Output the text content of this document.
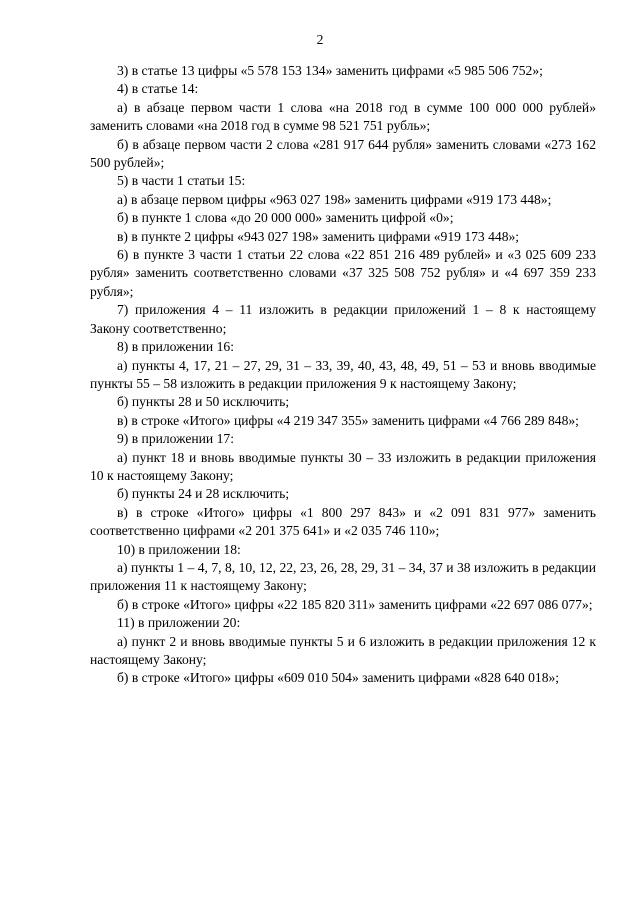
2

3) в статье 13 цифры «5 578 153 134» заменить цифрами «5 985 506 752»;

4) в статье 14:

а) в абзаце первом части 1 слова «на 2018 год в сумме 100 000 000 рублей» заменить словами «на 2018 год в сумме 98 521 751 рубль»;

б) в абзаце первом части 2 слова «281 917 644 рубля» заменить словами «273 162 500 рублей»;

5) в части 1 статьи 15:

а) в абзаце первом цифры «963 027 198» заменить цифрами «919 173 448»;

б) в пункте 1 слова «до 20 000 000» заменить цифрой «0»;

в) в пункте 2 цифры «943 027 198» заменить цифрами «919 173 448»;

6) в пункте 3 части 1 статьи 22 слова «22 851 216 489 рублей» и «3 025 609 233 рубля» заменить соответственно словами «37 325 508 752 рубля» и «4 697 359 233 рубля»;

7) приложения 4 – 11 изложить в редакции приложений 1 – 8 к настоящему Закону соответственно;

8) в приложении 16:

а) пункты 4, 17, 21 – 27, 29, 31 – 33, 39, 40, 43, 48, 49, 51 – 53 и вновь вводимые пункты 55 – 58 изложить в редакции приложения 9 к настоящему Закону;

б) пункты 28 и 50 исключить;

в) в строке «Итого» цифры «4 219 347 355» заменить цифрами «4 766 289 848»;

9) в приложении 17:

а) пункт 18 и вновь вводимые пункты 30 – 33 изложить в редакции приложения 10 к настоящему Закону;

б) пункты 24 и 28 исключить;

в) в строке «Итого» цифры «1 800 297 843» и «2 091 831 977» заменить соответственно цифрами «2 201 375 641» и «2 035 746 110»;

10) в приложении 18:

а) пункты 1 – 4, 7, 8, 10, 12, 22, 23, 26, 28, 29, 31 – 34, 37 и 38 изложить в редакции приложения 11 к настоящему Закону;

б) в строке «Итого» цифры «22 185 820 311» заменить цифрами «22 697 086 077»;

11) в приложении 20:

а) пункт 2 и вновь вводимые пункты 5 и 6 изложить в редакции приложения 12 к настоящему Закону;

б) в строке «Итого» цифры «609 010 504» заменить цифрами «828 640 018»;
